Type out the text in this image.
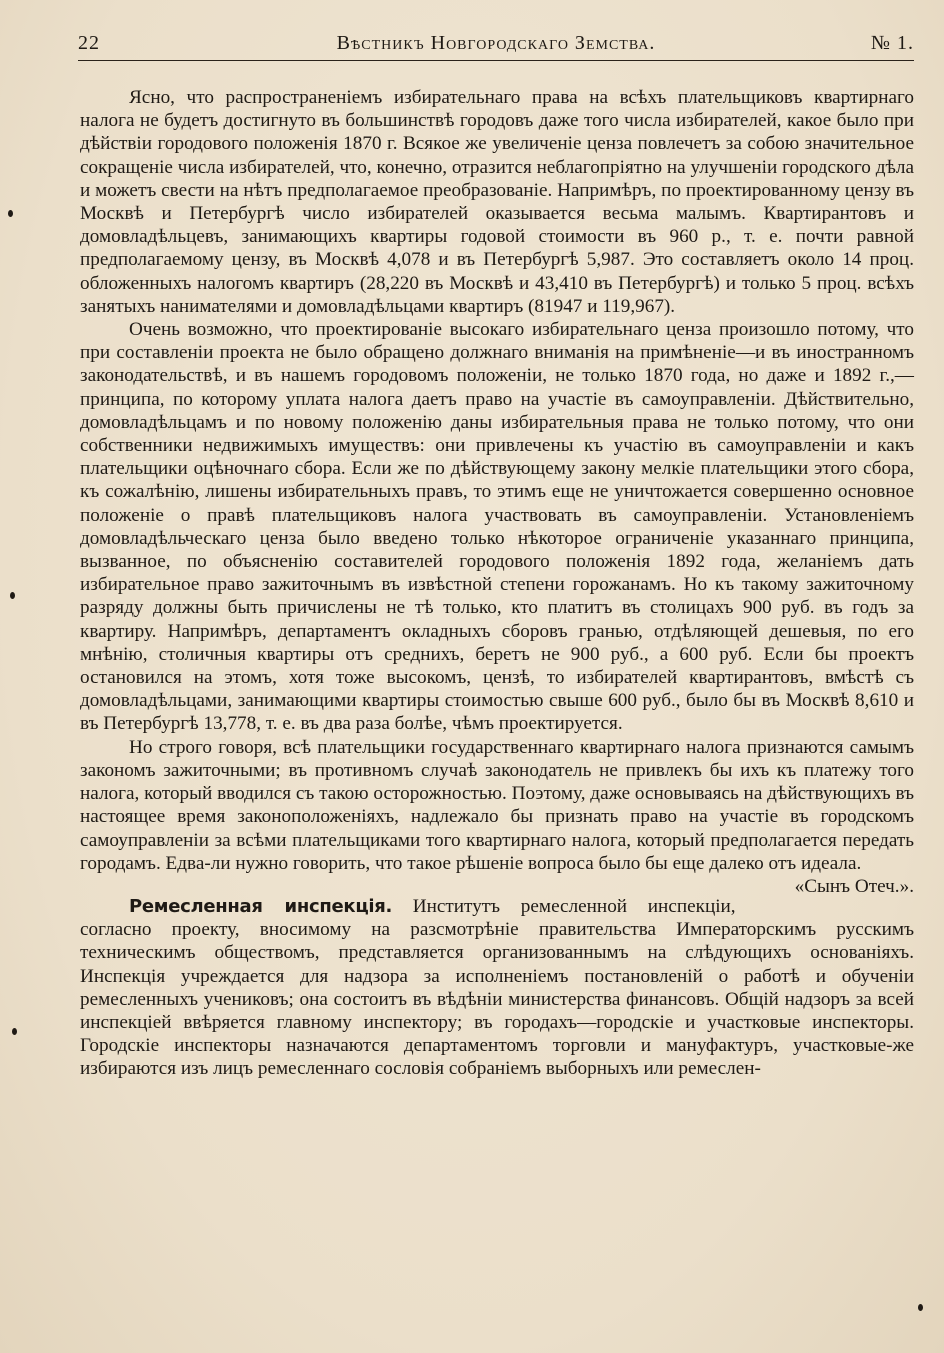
22	Вѣстникъ Новгородскаго Земства.	№ 1.

Ясно, что распространеніемъ избирательнаго права на всѣхъ плательщиковъ квартирнаго налога не будетъ достигнуто въ большинствѣ городовъ даже того числа избирателей, какое было при дѣйствіи городового положенія 1870 г. Всякое же увеличеніе ценза повлечетъ за собою значительное сокращеніе числа избирателей, что, конечно, отразится неблагопріятно на улучшеніи городского дѣла и можетъ свести на нѣтъ предполагаемое преобразованіе. Напримѣръ, по проектированному цензу въ Москвѣ и Петербургѣ число избирателей оказывается весьма малымъ. Квартирантовъ и домовладѣльцевъ, занимающихъ квартиры годовой стоимости въ 960 р., т. е. почти равной предполагаемому цензу, въ Москвѣ 4,078 и въ Петербургѣ 5,987. Это составляетъ около 14 проц. обложенныхъ налогомъ квартиръ (28,220 въ Москвѣ и 43,410 въ Петербургѣ) и только 5 проц. всѣхъ занятыхъ нанимателями и домовладѣльцами квартиръ (81947 и 119,967).

Очень возможно, что проектированіе высокаго избирательнаго ценза произошло потому, что при составленіи проекта не было обращено должнаго вниманія на примѣненіе—и въ иностранномъ законодательствѣ, и въ нашемъ городовомъ положеніи, не только 1870 года, но даже и 1892 г.,—принципа, по которому уплата налога даетъ право на участіе въ самоуправленіи. Дѣйствительно, домовладѣльцамъ и по новому положенію даны избирательныя права не только потому, что они собственники недвижимыхъ имуществъ: они привлечены къ участію въ самоуправленіи и какъ плательщики оцѣночнаго сбора. Если же по дѣйствующему закону мелкіе плательщики этого сбора, къ сожалѣнію, лишены избирательныхъ правъ, то этимъ еще не уничтожается совершенно основное положеніе о правѣ плательщиковъ налога участвовать въ самоуправленіи. Установленіемъ домовладѣльческаго ценза было введено только нѣкоторое ограниченіе указаннаго принципа, вызванное, по объясненію составителей городового положенія 1892 года, желаніемъ дать избирательное право зажиточнымъ въ извѣстной степени горожанамъ. Но къ такому зажиточному разряду должны быть причислены не тѣ только, кто платитъ въ столицахъ 900 руб. въ годъ за квартиру. Напримѣръ, департаментъ окладныхъ сборовъ гранью, отдѣляющей дешевыя, по его мнѣнію, столичныя квартиры отъ среднихъ, беретъ не 900 руб., а 600 руб. Если бы проектъ остановился на этомъ, хотя тоже высокомъ, цензѣ, то избирателей квартирантовъ, вмѣстѣ съ домовладѣльцами, занимающими квартиры стоимостью свыше 600 руб., было бы въ Москвѣ 8,610 и въ Петербургѣ 13,778, т. е. въ два раза болѣе, чѣмъ проектируется.

Но строго говоря, всѣ плательщики государственнаго квартирнаго налога признаются самымъ закономъ зажиточными; въ противномъ случаѣ законодатель не привлекъ бы ихъ къ платежу того налога, который вводился съ такою осторожностью. Поэтому, даже основываясь на дѣйствующихъ въ настоящее время законоположеніяхъ, надлежало бы признать право на участіе въ городскомъ самоуправленіи за всѣми плательщиками того квартирнаго налога, который предполагается передать городамъ. Едва-ли нужно говорить, что такое рѣшеніе вопроса было бы еще далеко отъ идеала.
«Сынъ Отеч.».

Ремесленная инспекція. Институтъ ремесленной инспекціи, согласно проекту, вносимому на разсмотрѣніе правительства Императорскимъ русскимъ техническимъ обществомъ, представляется организованнымъ на слѣдующихъ основаніяхъ. Инспекція учреждается для надзора за исполненіемъ постановленій о работѣ и обученіи ремесленныхъ учениковъ; она состоитъ въ вѣдѣніи министерства финансовъ. Общій надзоръ за всей инспекціей ввѣряется главному инспектору; въ городахъ—городскіе и участковые инспекторы. Городскіе инспекторы назначаются департаментомъ торговли и мануфактуръ, участковые-же избираются изъ лицъ ремесленнаго сословія собраніемъ выборныхъ или ремеслен-
